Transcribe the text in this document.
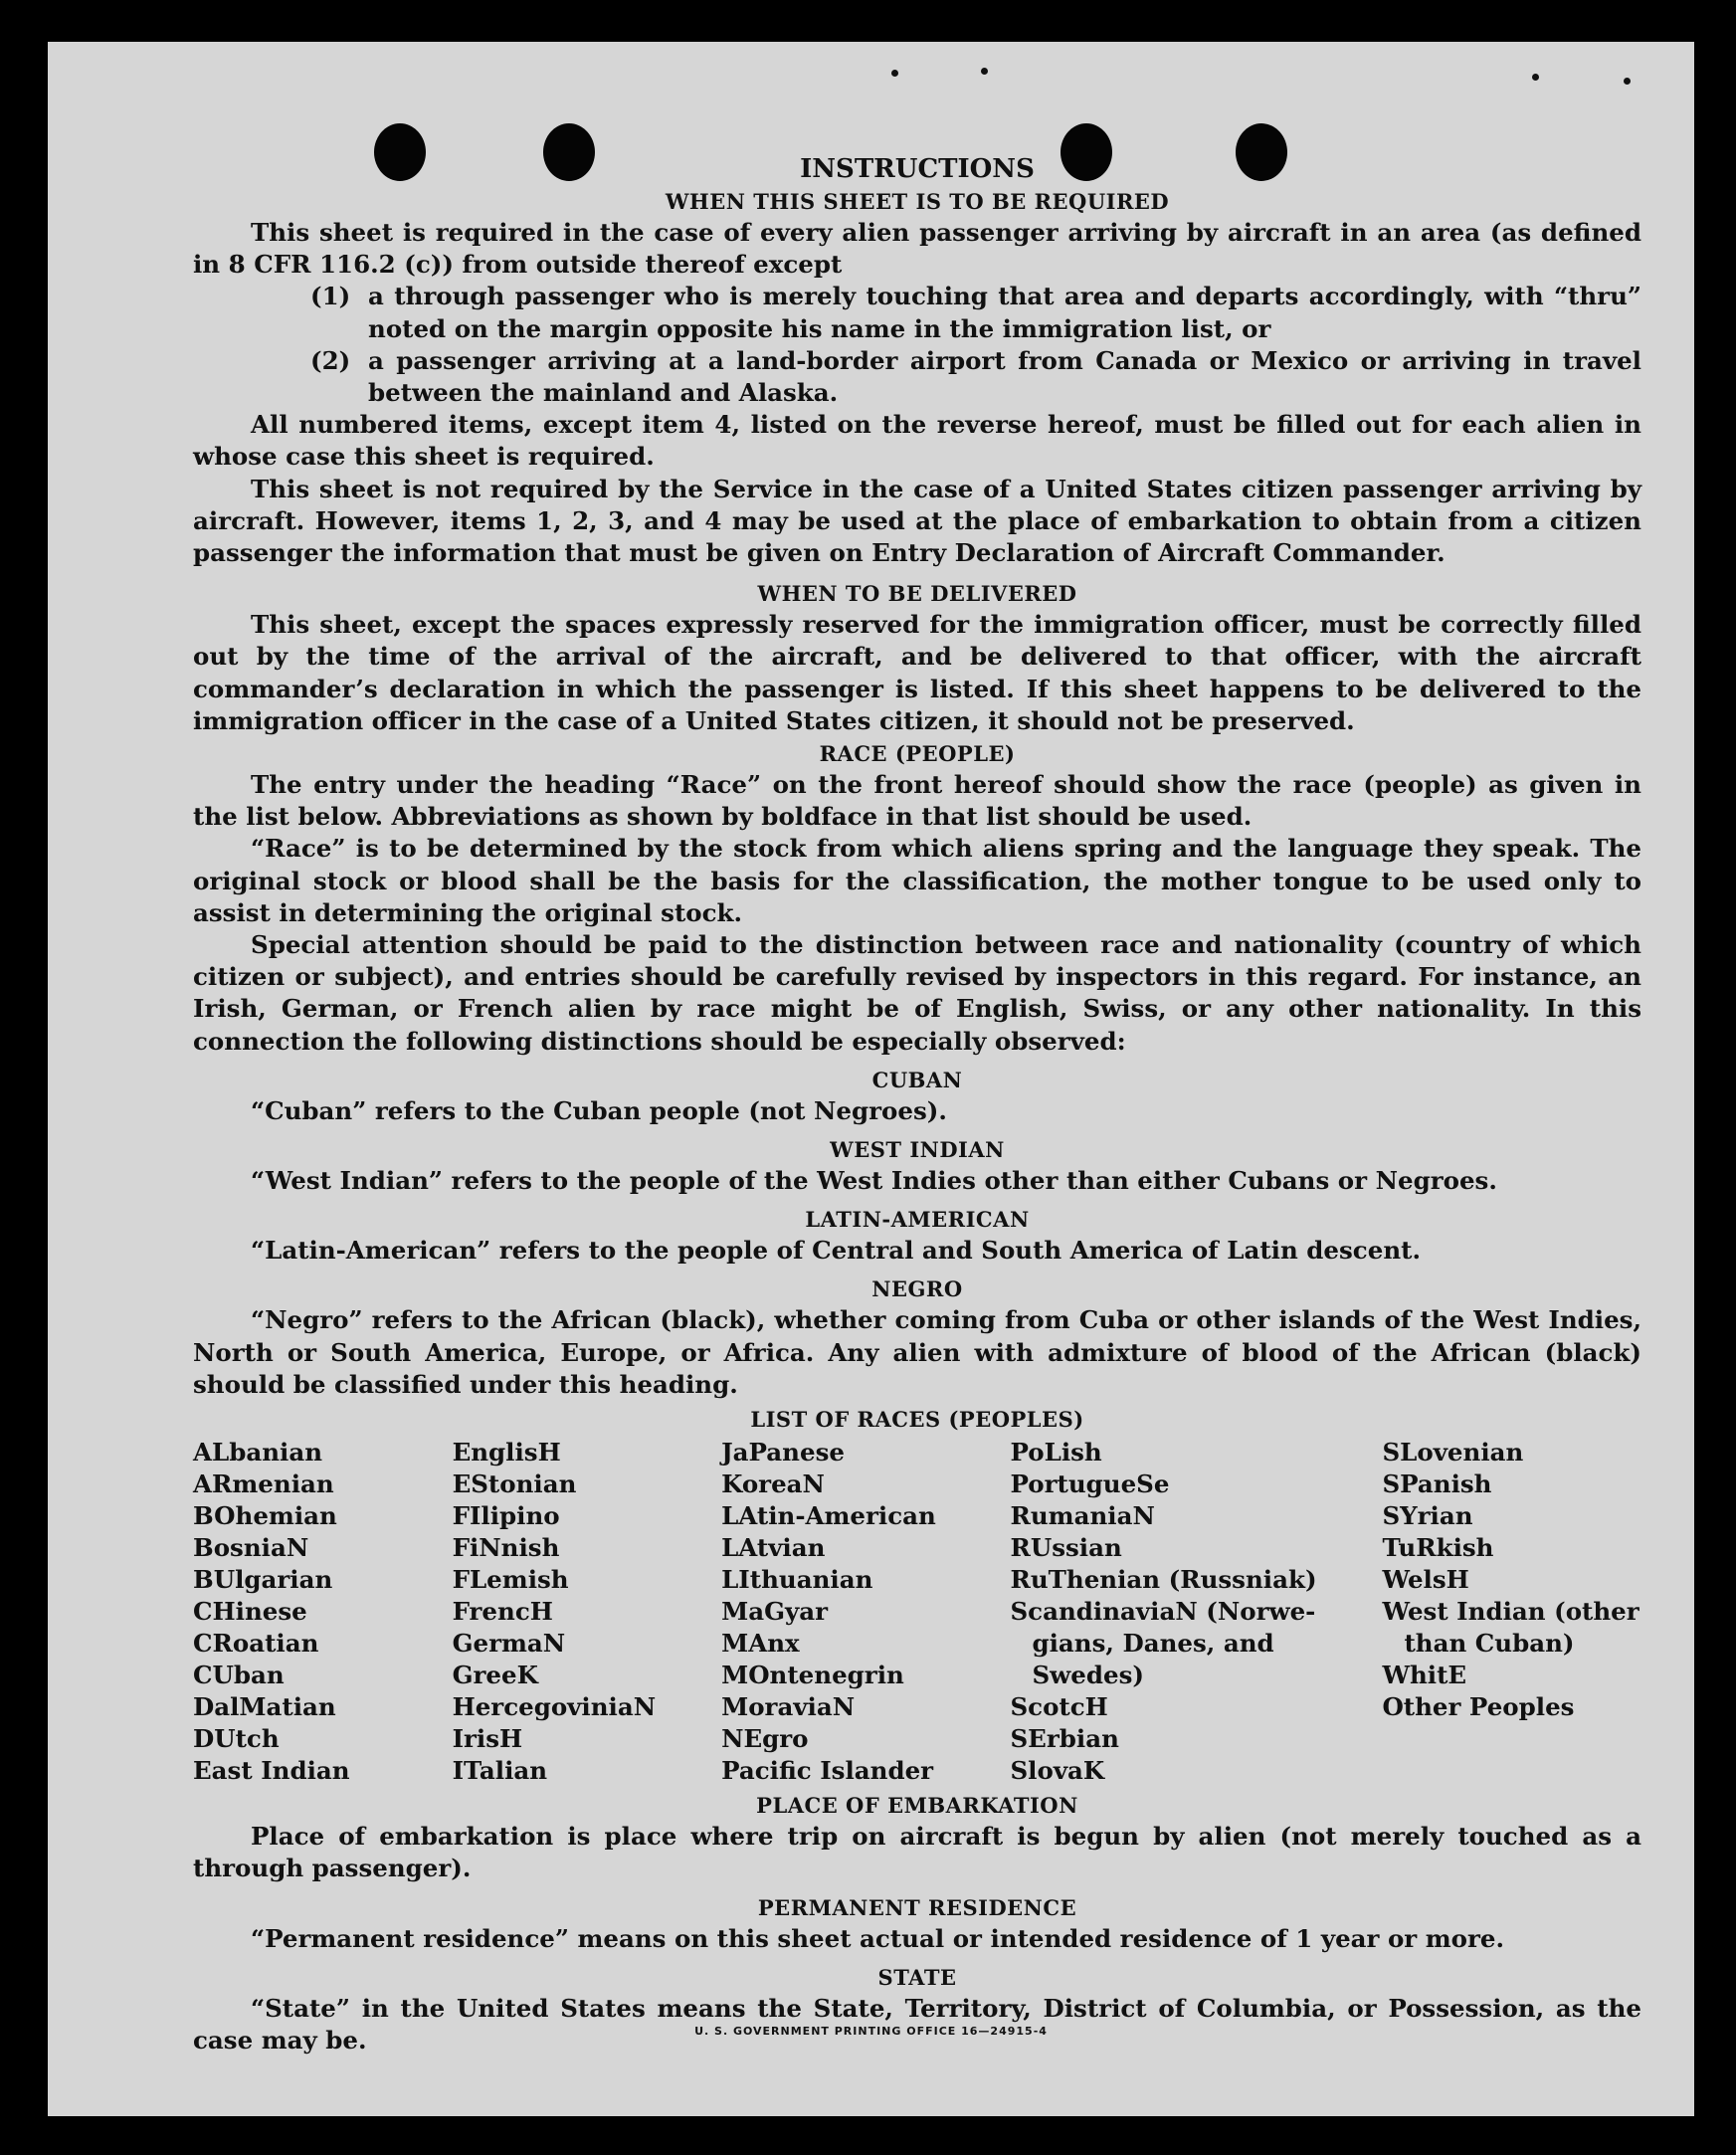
INSTRUCTIONS
WHEN THIS SHEET IS TO BE REQUIRED

This sheet is required in the case of every alien passenger arriving by aircraft in an area (as defined in 8 CFR 116.2 (c)) from outside thereof except

(1) a through passenger who is merely touching that area and departs accordingly, with “thru” noted on the margin opposite his name in the immigration list, or
(2) a passenger arriving at a land-border airport from Canada or Mexico or arriving in travel between the mainland and Alaska.

All numbered items, except item 4, listed on the reverse hereof, must be filled out for each alien in whose case this sheet is required.

This sheet is not required by the Service in the case of a United States citizen passenger arriving by aircraft. However, items 1, 2, 3, and 4 may be used at the place of embarkation to obtain from a citizen passenger the information that must be given on Entry Declaration of Aircraft Commander.

WHEN TO BE DELIVERED

This sheet, except the spaces expressly reserved for the immigration officer, must be correctly filled out by the time of the arrival of the aircraft, and be delivered to that officer, with the aircraft commander’s declaration in which the passenger is listed. If this sheet happens to be delivered to the immigration officer in the case of a United States citizen, it should not be preserved.

RACE (PEOPLE)

The entry under the heading “Race” on the front hereof should show the race (people) as given in the list below. Abbreviations as shown by boldface in that list should be used.

“Race” is to be determined by the stock from which aliens spring and the language they speak. The original stock or blood shall be the basis for the classification, the mother tongue to be used only to assist in determining the original stock.

Special attention should be paid to the distinction between race and nationality (country of which citizen or subject), and entries should be carefully revised by inspectors in this regard. For instance, an Irish, German, or French alien by race might be of English, Swiss, or any other nationality. In this connection the following distinctions should be especially observed:

CUBAN

“Cuban” refers to the Cuban people (not Negroes).

WEST INDIAN

“West Indian” refers to the people of the West Indies other than either Cubans or Negroes.

LATIN-AMERICAN

“Latin-American” refers to the people of Central and South America of Latin descent.

NEGRO

“Negro” refers to the African (black), whether coming from Cuba or other islands of the West Indies, North or South America, Europe, or Africa. Any alien with admixture of blood of the African (black) should be classified under this heading.

LIST OF RACES (PEOPLES)
ALbanian
ARmenian
BOhemian
BosniaN
BUlgarian
CHinese
CRoatian
CUban
DalMatian
DUtch
East Indian
EnglisH
EStonian
FIlipino
FiNnish
FLemish
FrencH
GermaN
GreeK
HercegoviniaN
IrisH
ITalian
JaPanese
KoreaN
LAtin-American
LAtvian
LIthuanian
MaGyar
MAnx
MOntenegrin
MoraviaN
NEgro
Pacific Islander
PoLish
PortugueSe
RumaniaN
RUssian
RuThenian (Russniak)
ScandinaviaN (Norwe-
gians, Danes, and
Swedes)
ScotcH
SErbian
SlovaK
SLovenian
SPanish
SYrian
TuRkish
WelsH
West Indian (other
than Cuban)
WhitE
Other Peoples
PLACE OF EMBARKATION

Place of embarkation is place where trip on aircraft is begun by alien (not merely touched as a through passenger).

PERMANENT RESIDENCE

“Permanent residence” means on this sheet actual or intended residence of 1 year or more.

STATE

“State” in the United States means the State, Territory, District of Columbia, or Possession, as the case may be.	U. S. GOVERNMENT PRINTING OFFICE 16—24915-4
